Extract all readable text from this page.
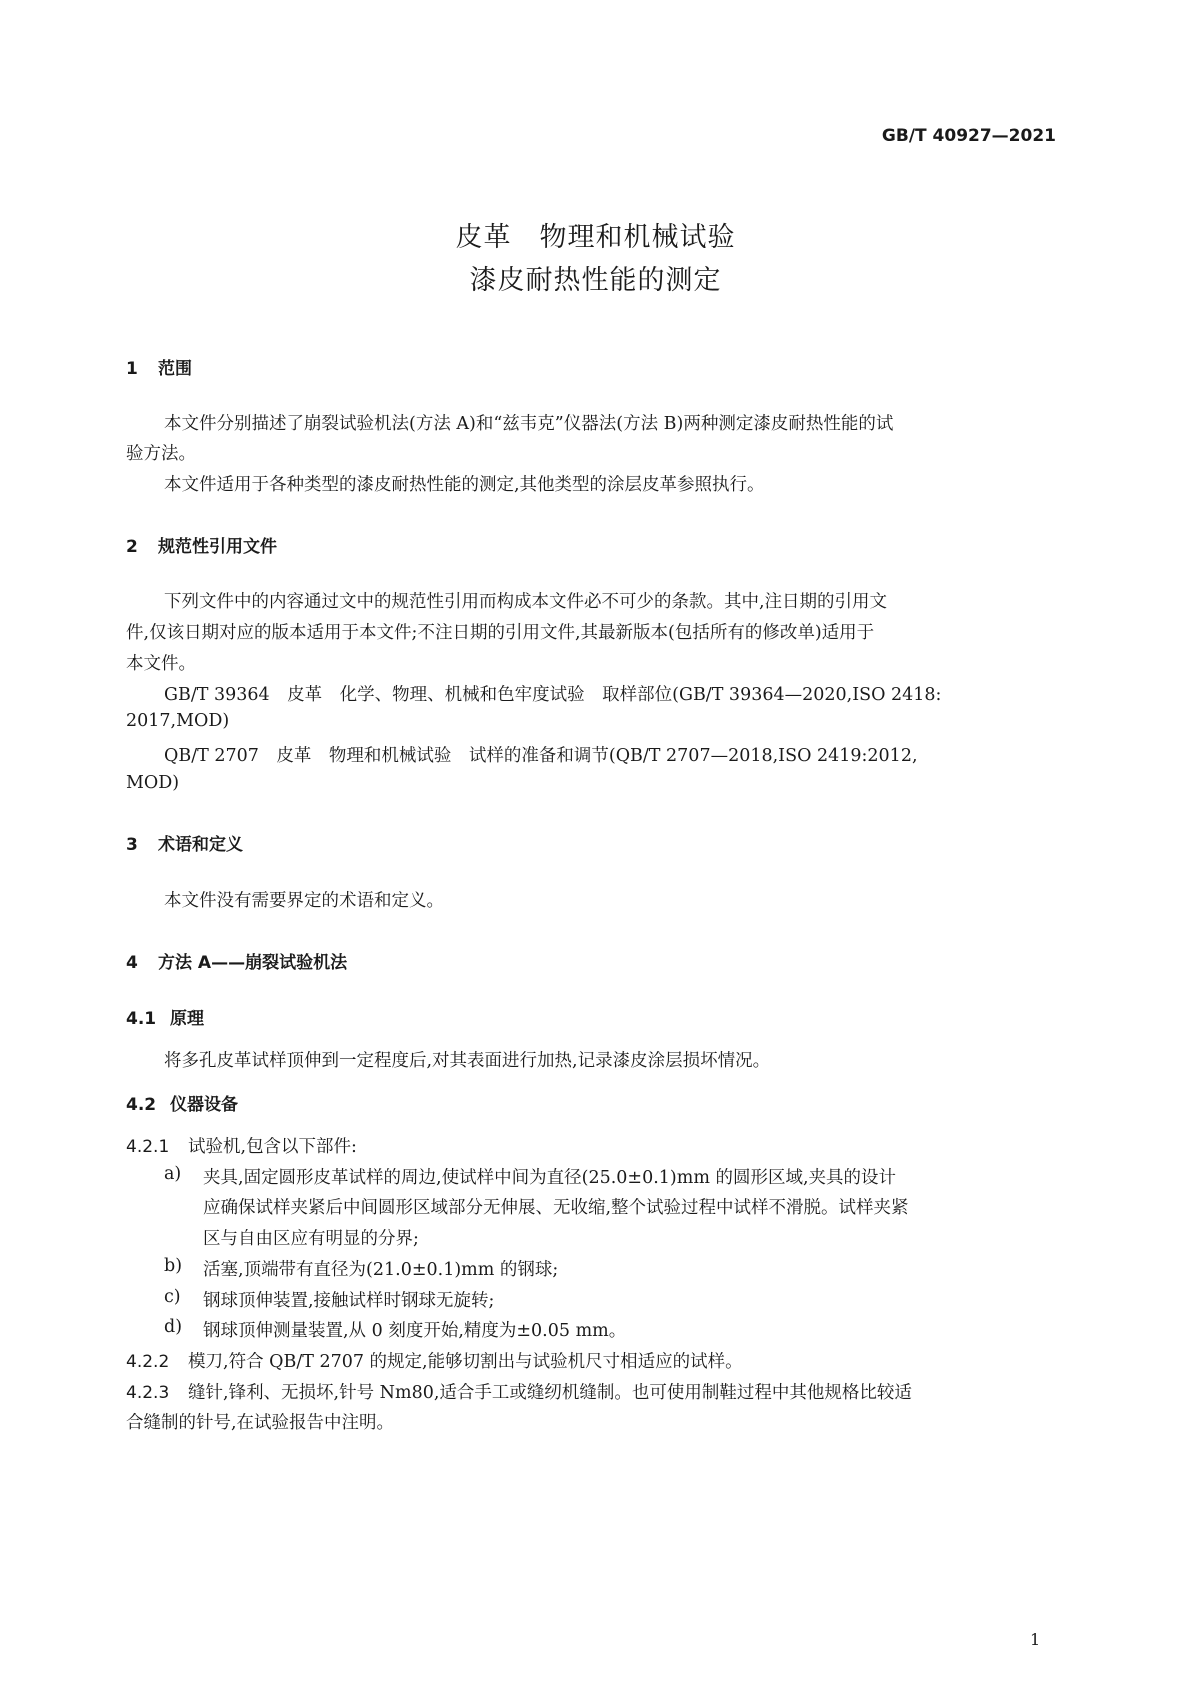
GB/T 40927—2021
皮革　物理和机械试验
漆皮耐热性能的测定
1 范围
本文件分别描述了崩裂试验机法(方法 A)和“兹韦克”仪器法(方法 B)两种测定漆皮耐热性能的试
验方法。
本文件适用于各种类型的漆皮耐热性能的测定,其他类型的涂层皮革参照执行。
2 规范性引用文件
下列文件中的内容通过文中的规范性引用而构成本文件必不可少的条款。其中,注日期的引用文
件,仅该日期对应的版本适用于本文件;不注日期的引用文件,其最新版本(包括所有的修改单)适用于
本文件。
GB/T 39364　皮革　化学、物理、机械和色牢度试验　取样部位(GB/T 39364—2020,ISO 2418:
2017,MOD)
QB/T 2707　皮革　物理和机械试验　试样的准备和调节(QB/T 2707—2018,ISO 2419:2012,
MOD)
3 术语和定义
本文件没有需要界定的术语和定义。
4 方法 A——崩裂试验机法
4.1 原理
将多孔皮革试样顶伸到一定程度后,对其表面进行加热,记录漆皮涂层损坏情况。
4.2 仪器设备
4.2.1 试验机,包含以下部件:
a) 夹具,固定圆形皮革试样的周边,使试样中间为直径(25.0±0.1)mm 的圆形区域,夹具的设计
应确保试样夹紧后中间圆形区域部分无伸展、无收缩,整个试验过程中试样不滑脱。试样夹紧
区与自由区应有明显的分界;
b) 活塞,顶端带有直径为(21.0±0.1)mm 的钢球;
c) 钢球顶伸装置,接触试样时钢球无旋转;
d) 钢球顶伸测量装置,从 0 刻度开始,精度为±0.05 mm。
4.2.2 模刀,符合 QB/T 2707 的规定,能够切割出与试验机尺寸相适应的试样。
4.2.3 缝针,锋利、无损坏,针号 Nm80,适合手工或缝纫机缝制。也可使用制鞋过程中其他规格比较适
合缝制的针号,在试验报告中注明。
1
